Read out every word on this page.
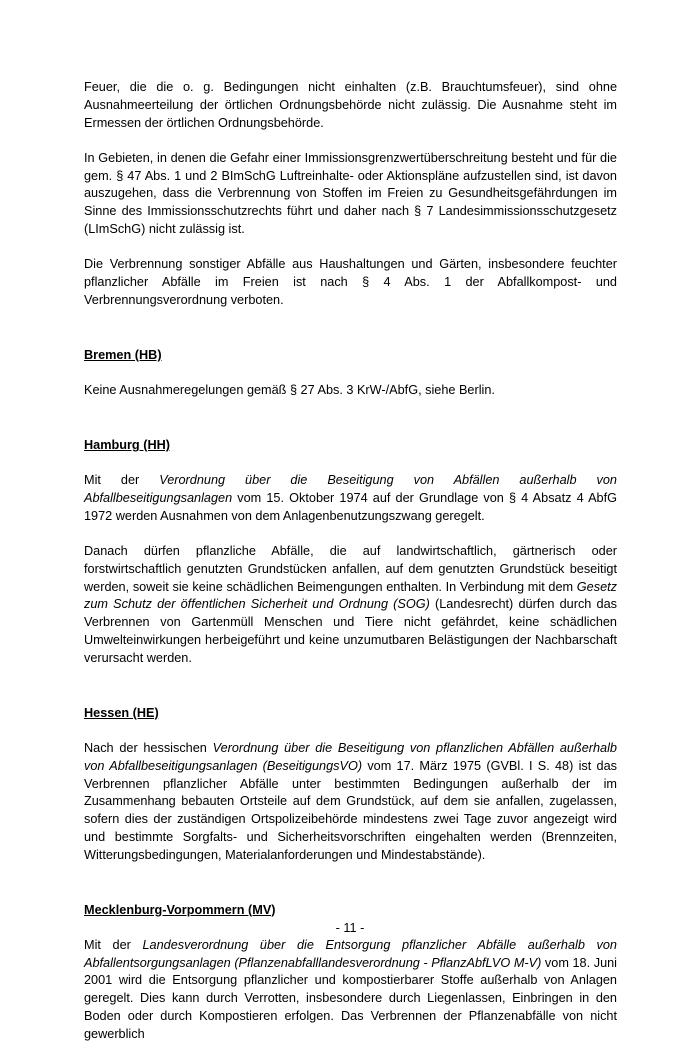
Feuer, die die o. g. Bedingungen nicht einhalten (z.B. Brauchtumsfeuer), sind ohne Ausnahmeerteilung der örtlichen Ordnungsbehörde nicht zulässig. Die Ausnahme steht im Ermessen der örtlichen Ordnungsbehörde.

In Gebieten, in denen die Gefahr einer Immissionsgrenzwertüberschreitung besteht und für die gem. § 47 Abs. 1 und 2 BImSchG Luftreinhalte- oder Aktionspläne aufzustellen sind, ist davon auszugehen, dass die Verbrennung von Stoffen im Freien zu Gesundheitsgefährdungen im Sinne des Immissionsschutzrechts führt und daher nach § 7 Landesimmissionsschutzgesetz (LImSchG) nicht zulässig ist.

Die Verbrennung sonstiger Abfälle aus Haushaltungen und Gärten, insbesondere feuchter pflanzlicher Abfälle im Freien ist nach § 4 Abs. 1 der Abfallkompost- und Verbrennungsverordnung verboten.

Bremen (HB)

Keine Ausnahmeregelungen gemäß § 27 Abs. 3 KrW-/AbfG, siehe Berlin.

Hamburg (HH)

Mit der Verordnung über die Beseitigung von Abfällen außerhalb von Abfallbeseitigungsanlagen vom 15. Oktober 1974 auf der Grundlage von § 4 Absatz 4 AbfG 1972 werden Ausnahmen von dem Anlagenbenutzungszwang geregelt.

Danach dürfen pflanzliche Abfälle, die auf landwirtschaftlich, gärtnerisch oder forstwirtschaftlich genutzten Grundstücken anfallen, auf dem genutzten Grundstück beseitigt werden, soweit sie keine schädlichen Beimengungen enthalten. In Verbindung mit dem Gesetz zum Schutz der öffentlichen Sicherheit und Ordnung (SOG) (Landesrecht) dürfen durch das Verbrennen von Gartenmüll Menschen und Tiere nicht gefährdet, keine schädlichen Umwelteinwirkungen herbeigeführt und keine unzumutbaren Belästigungen der Nachbarschaft verursacht werden.

Hessen (HE)

Nach der hessischen Verordnung über die Beseitigung von pflanzlichen Abfällen außerhalb von Abfallbeseitigungsanlagen (BeseitigungsVO) vom 17. März 1975 (GVBl. I S. 48) ist das Verbrennen pflanzlicher Abfälle unter bestimmten Bedingungen außerhalb der im Zusammenhang bebauten Ortsteile auf dem Grundstück, auf dem sie anfallen, zugelassen, sofern dies der zuständigen Ortspolizeibehörde mindestens zwei Tage zuvor angezeigt wird und bestimmte Sorgfalts- und Sicherheitsvorschriften eingehalten werden (Brennzeiten, Witterungsbedingungen, Materialanforderungen und Mindestabstände).

Mecklenburg-Vorpommern (MV)

Mit der Landesverordnung über die Entsorgung pflanzlicher Abfälle außerhalb von Abfallentsorgungsanlagen (Pflanzenabfalllandesverordnung - PflanzAbfLVO M-V) vom 18. Juni 2001 wird die Entsorgung pflanzlicher und kompostierbarer Stoffe außerhalb von Anlagen geregelt. Dies kann durch Verrotten, insbesondere durch Liegenlassen, Einbringen in den Boden oder durch Kompostieren erfolgen. Das Verbrennen der Pflanzenabfälle von nicht gewerblich

- 11 -
